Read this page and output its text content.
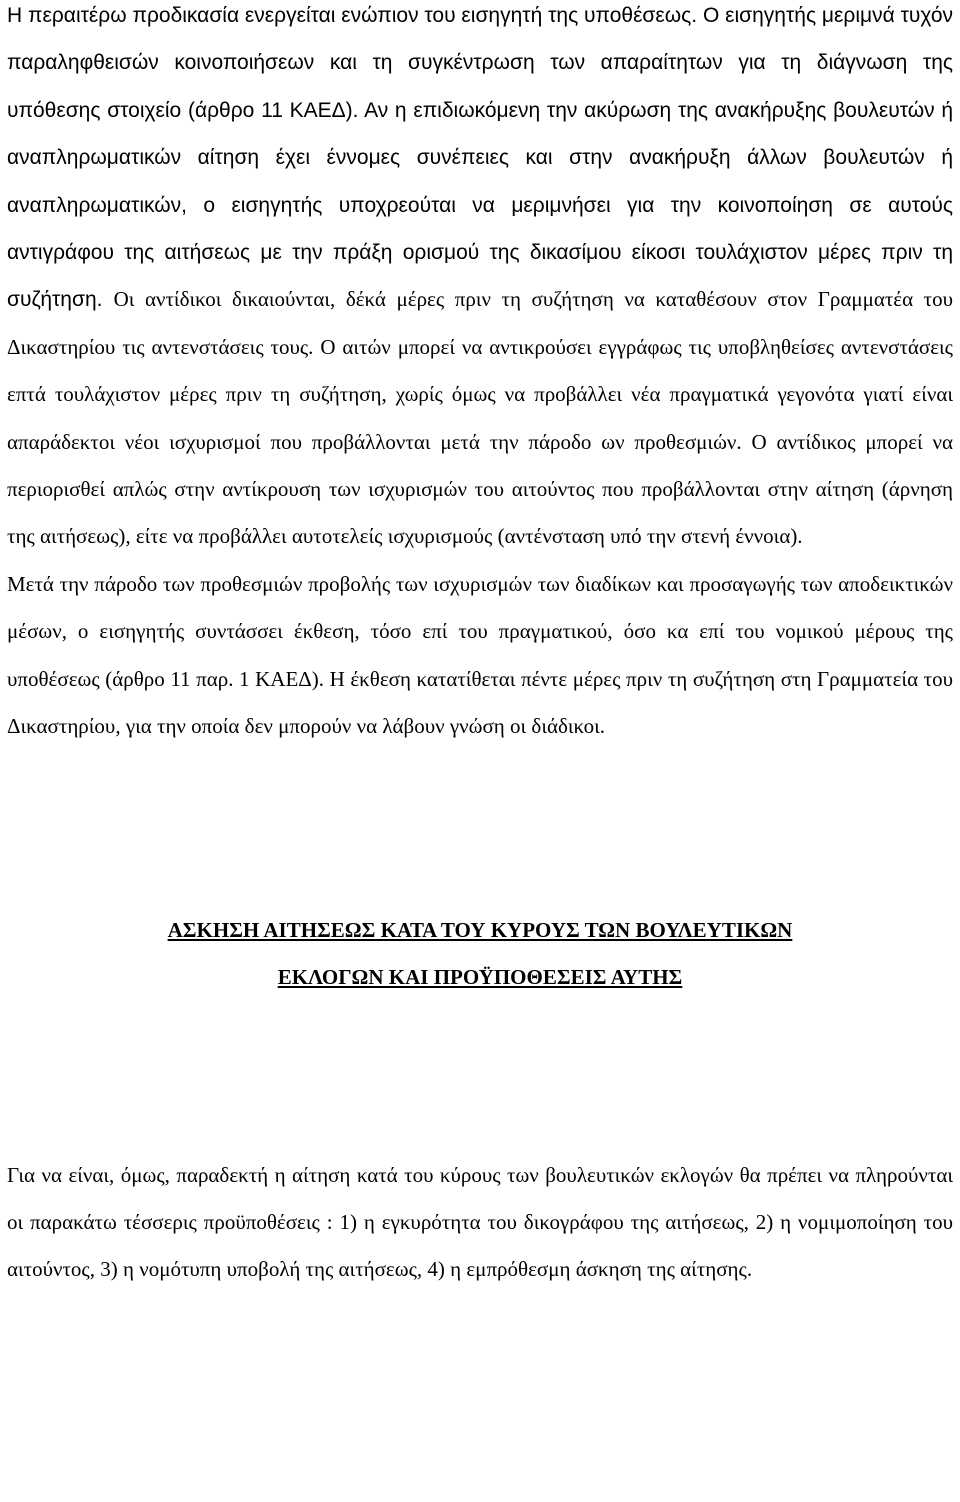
Η περαιτέρω προδικασία ενεργείται ενώπιον του εισηγητή της υποθέσεως. Ο εισηγητής μεριμνά τυχόν παραληφθεισών κοινοποιήσεων και τη συγκέντρωση των απαραίτητων για τη διάγνωση της υπόθεσης στοιχείο (άρθρο 11 ΚΑΕΔ). Αν η επιδιωκόμενη την ακύρωση της ανακήρυξης βουλευτών ή αναπληρωματικών αίτηση έχει έννομες συνέπειες και στην ανακήρυξη άλλων βουλευτών ή αναπληρωματικών, ο εισηγητής υποχρεούται να μεριμνήσει για την κοινοποίηση σε αυτούς αντιγράφου της αιτήσεως με την πράξη ορισμού της δικασίμου είκοσι τουλάχιστον μέρες πριν τη συζήτηση. Οι αντίδικοι δικαιούνται, δέκά μέρες πριν τη συζήτηση να καταθέσουν στον Γραμματέα του Δικαστηρίου τις αντενστάσεις τους. Ο αιτών μπορεί να αντικρούσει εγγράφως τις υποβληθείσες αντενστάσεις επτά τουλάχιστον μέρες πριν τη συζήτηση, χωρίς όμως να προβάλλει νέα πραγματικά γεγονότα γιατί είναι απαράδεκτοι νέοι ισχυρισμοί που προβάλλονται μετά την πάροδο ων προθεσμιών. Ο αντίδικος μπορεί να περιορισθεί απλώς στην αντίκρουση των ισχυρισμών του αιτούντος που προβάλλονται στην αίτηση (άρνηση της αιτήσεως), είτε να προβάλλει αυτοτελείς ισχυρισμούς (αντένσταση υπό την στενή έννοια).

Μετά την πάροδο των προθεσμιών προβολής των ισχυρισμών των διαδίκων και προσαγωγής των αποδεικτικών μέσων, ο εισηγητής συντάσσει έκθεση, τόσο επί του πραγματικού, όσο κα επί του νομικού μέρους της υποθέσεως (άρθρο 11 παρ. 1 ΚΑΕΔ). Η έκθεση κατατίθεται πέντε μέρες πριν τη συζήτηση στη Γραμματεία του Δικαστηρίου, για την οποία δεν μπορούν να λάβουν γνώση οι διάδικοι.

ΑΣΚΗΣΗ ΑΙΤΗΣΕΩΣ ΚΑΤΑ ΤΟΥ ΚΥΡΟΥΣ ΤΩΝ ΒΟΥΛΕΥΤΙΚΩΝ
ΕΚΛΟΓΩΝ ΚΑΙ ΠΡΟΫΠΟΘΕΣΕΙΣ ΑΥΤΗΣ

Για να είναι, όμως, παραδεκτή η αίτηση κατά του κύρους των βουλευτικών εκλογών θα πρέπει να πληρούνται οι παρακάτω τέσσερις προϋποθέσεις : 1) η εγκυρότητα του δικογράφου της αιτήσεως, 2) η νομιμοποίηση του αιτούντος, 3) η νομότυπη υποβολή της αιτήσεως, 4) η εμπρόθεσμη άσκηση της αίτησης.
